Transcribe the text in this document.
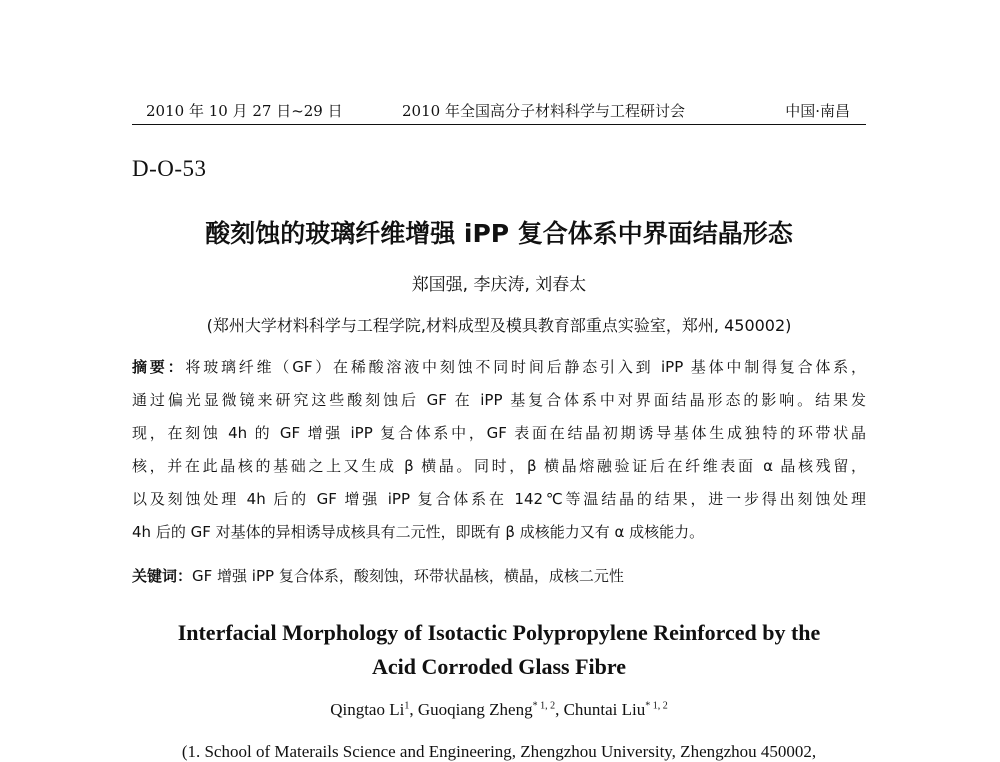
2010 年 10 月 27 日~29 日	2010 年全国高分子材料科学与工程研讨会	中国·南昌
D-O-53
酸刻蚀的玻璃纤维增强 iPP 复合体系中界面结晶形态
郑国强, 李庆涛, 刘春太
(郑州大学材料科学与工程学院,材料成型及模具教育部重点实验室，郑州, 450002)
摘要：将玻璃纤维（GF）在稀酸溶液中刻蚀不同时间后静态引入到 iPP 基体中制得复合体系，
通过偏光显微镜来研究这些酸刻蚀后 GF 在 iPP 基复合体系中对界面结晶形态的影响。结果发
现，在刻蚀 4h 的 GF 增强 iPP 复合体系中，GF 表面在结晶初期诱导基体生成独特的环带状晶
核，并在此晶核的基础之上又生成 β 横晶。同时，β 横晶熔融验证后在纤维表面 α 晶核残留，
以及刻蚀处理 4h 后的 GF 增强 iPP 复合体系在 142℃等温结晶的结果，进一步得出刻蚀处理
4h 后的 GF 对基体的异相诱导成核具有二元性，即既有 β 成核能力又有 α 成核能力。
关键词：GF 增强 iPP 复合体系，酸刻蚀，环带状晶核，横晶，成核二元性
Interfacial Morphology of Isotactic Polypropylene Reinforced by the
Acid Corroded Glass Fibre
Qingtao Li$^1$, Guoqiang Zheng$^{* 1, 2}$, Chuntai Liu$^{* 1, 2}$
(1. School of Materails Science and Engineering, Zhengzhou University, Zhengzhou 450002,
